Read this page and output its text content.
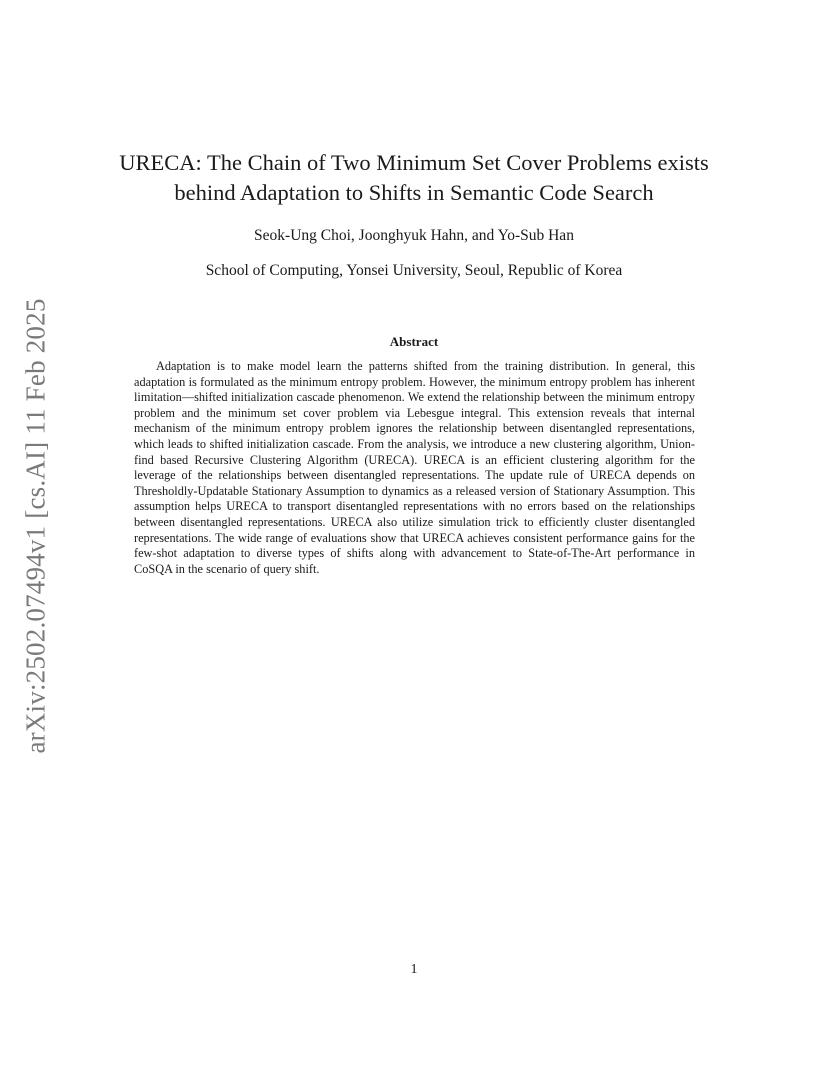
arXiv:2502.07494v1 [cs.AI] 11 Feb 2025
URECA: The Chain of Two Minimum Set Cover Problems exists
behind Adaptation to Shifts in Semantic Code Search
Seok-Ung Choi, Joonghyuk Hahn, and Yo-Sub Han
School of Computing, Yonsei University, Seoul, Republic of Korea
Abstract

Adaptation is to make model learn the patterns shifted from the training distribution. In general, this adaptation is formulated as the minimum entropy problem. However, the minimum entropy problem has inherent limitation—shifted initialization cascade phenomenon. We extend the relationship between the minimum entropy problem and the minimum set cover problem via Lebesgue integral. This extension reveals that internal mechanism of the minimum entropy problem ignores the relationship between disentangled representations, which leads to shifted initialization cascade. From the analysis, we introduce a new clustering algorithm, Union-find based Recursive Clustering Algorithm (URECA). URECA is an efficient clustering algorithm for the leverage of the relationships between disentangled representations. The update rule of URECA depends on Thresholdly-Updatable Stationary Assumption to dynamics as a released version of Stationary Assumption. This assumption helps URECA to transport disentangled representations with no errors based on the relationships between disentangled representations. URECA also utilize simulation trick to efficiently cluster disentangled representations. The wide range of evaluations show that URECA achieves consistent performance gains for the few-shot adaptation to diverse types of shifts along with advancement to State-of-The-Art performance in CoSQA in the scenario of query shift.

1
